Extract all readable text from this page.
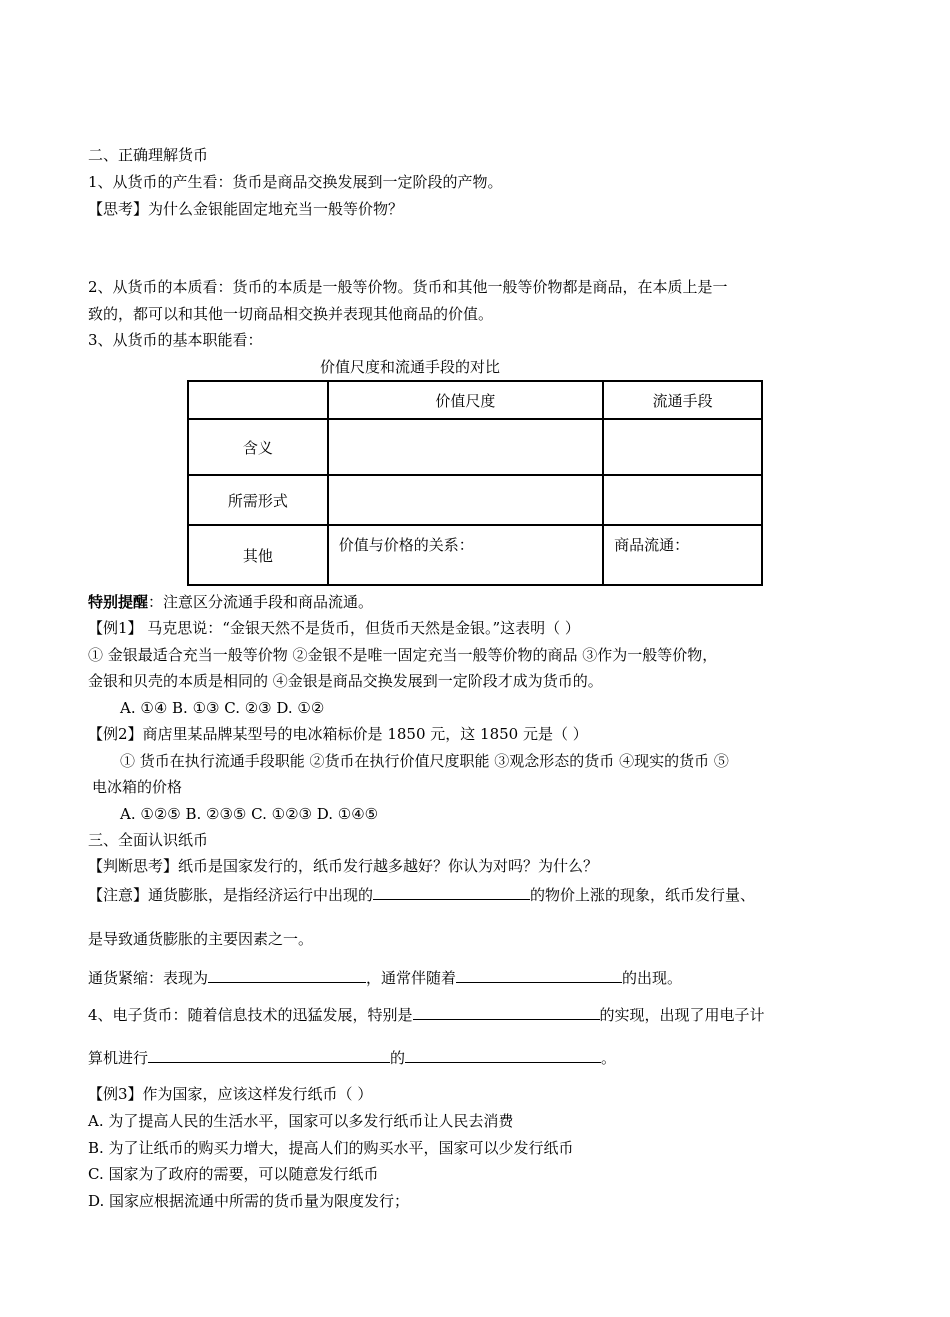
二、正确理解货币
1、从货币的产生看：货币是商品交换发展到一定阶段的产物。
【思考】为什么金银能固定地充当一般等价物？
2、从货币的本质看：货币的本质是一般等价物。货币和其他一般等价物都是商品，在本质上是一
致的，都可以和其他一切商品相交换并表现其他商品的价值。
3、从货币的基本职能看：
价值尺度和流通手段的对比
	价值尺度	流通手段
含义		
所需形式		
其他	价值与价格的关系：	商品流通：
特别提醒：注意区分流通手段和商品流通。
【例1】 马克思说：“金银天然不是货币，但货币天然是金银。”这表明（ ）
① 金银最适合充当一般等价物 ②金银不是唯一固定充当一般等价物的商品 ③作为一般等价物，
金银和贝壳的本质是相同的 ④金银是商品交换发展到一定阶段才成为货币的。
A. ①④ B. ①③ C. ②③ D. ①②
【例2】商店里某品牌某型号的电冰箱标价是 1850 元，这 1850 元是（ ）
① 货币在执行流通手段职能 ②货币在执行价值尺度职能 ③观念形态的货币 ④现实的货币 ⑤
电冰箱的价格
A. ①②⑤ B. ②③⑤ C. ①②③ D. ①④⑤
三、全面认识纸币
【判断思考】纸币是国家发行的，纸币发行越多越好？你认为对吗？为什么？
【注意】通货膨胀，是指经济运行中出现的	的物价上涨的现象，纸币发行量、
是导致通货膨胀的主要因素之一。
通货紧缩：表现为	，通常伴随着	的出现。
4、电子货币：随着信息技术的迅猛发展，特别是	的实现，出现了用电子计
算机进行	的	。
【例3】作为国家，应该这样发行纸币（ ）
A. 为了提高人民的生活水平，国家可以多发行纸币让人民去消费
B. 为了让纸币的购买力增大，提高人们的购买水平，国家可以少发行纸币
C. 国家为了政府的需要，可以随意发行纸币
D. 国家应根据流通中所需的货币量为限度发行；
